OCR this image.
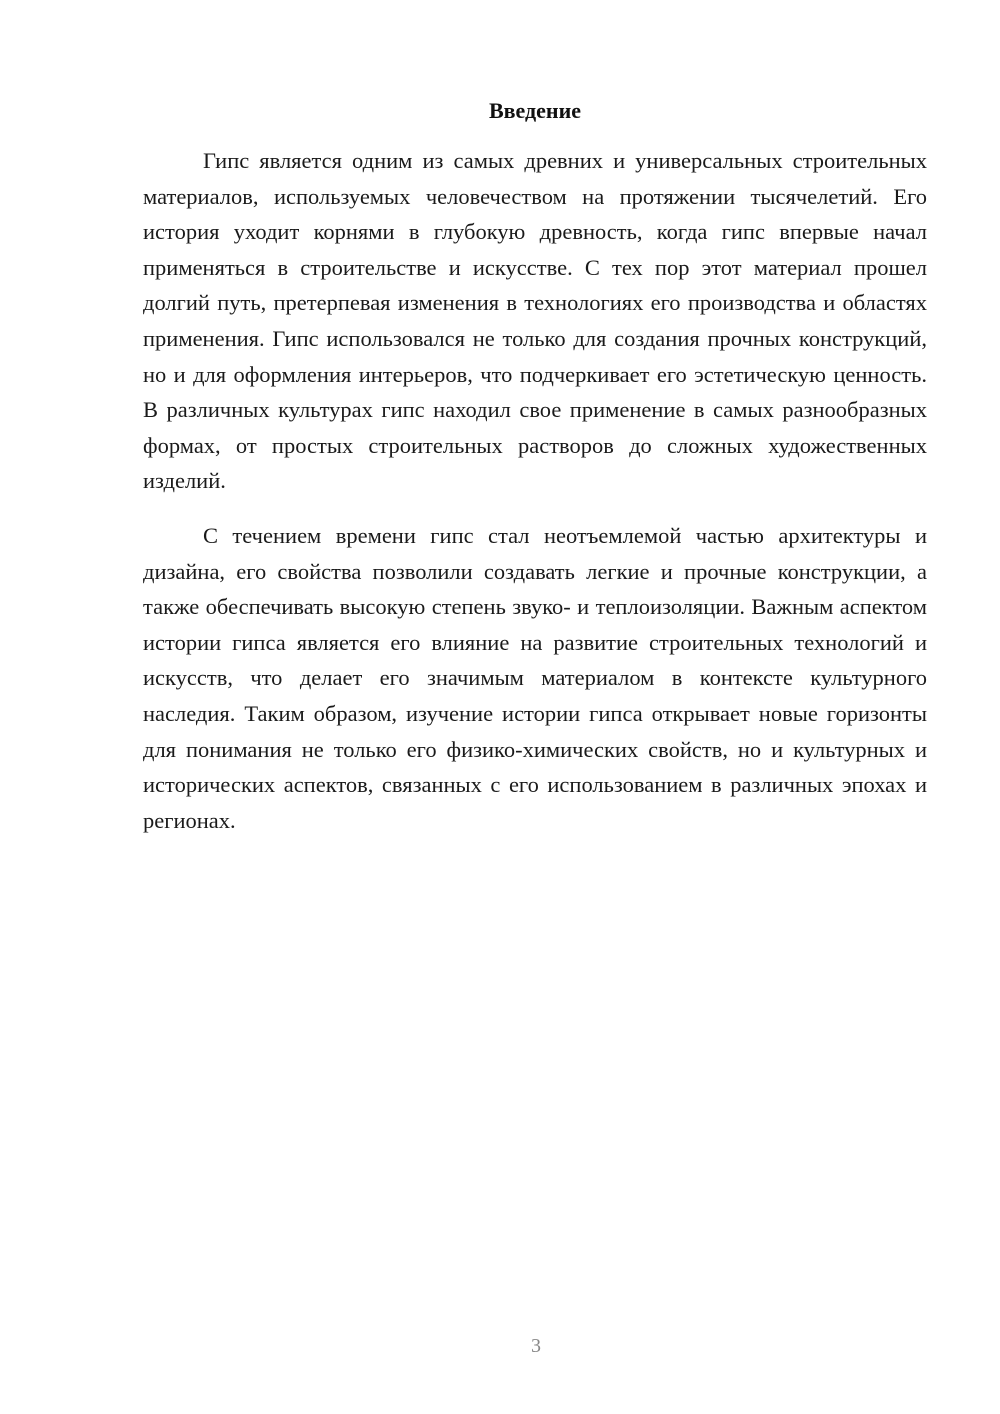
Введение

Гипс является одним из самых древних и универсальных строительных материалов, используемых человечеством на протяжении тысячелетий. Его история уходит корнями в глубокую древность, когда гипс впервые начал применяться в строительстве и искусстве. С тех пор этот материал прошел долгий путь, претерпевая изменения в технологиях его производства и областях применения. Гипс использовался не только для создания прочных конструкций, но и для оформления интерьеров, что подчеркивает его эстетическую ценность. В различных культурах гипс находил свое применение в самых разнообразных формах, от простых строительных растворов до сложных художественных изделий.

С течением времени гипс стал неотъемлемой частью архитектуры и дизайна, его свойства позволили создавать легкие и прочные конструкции, а также обеспечивать высокую степень звуко- и теплоизоляции. Важным аспектом истории гипса является его влияние на развитие строительных технологий и искусств, что делает его значимым материалом в контексте культурного наследия. Таким образом, изучение истории гипса открывает новые горизонты для понимания не только его физико-химических свойств, но и культурных и исторических аспектов, связанных с его использованием в различных эпохах и регионах.

3
